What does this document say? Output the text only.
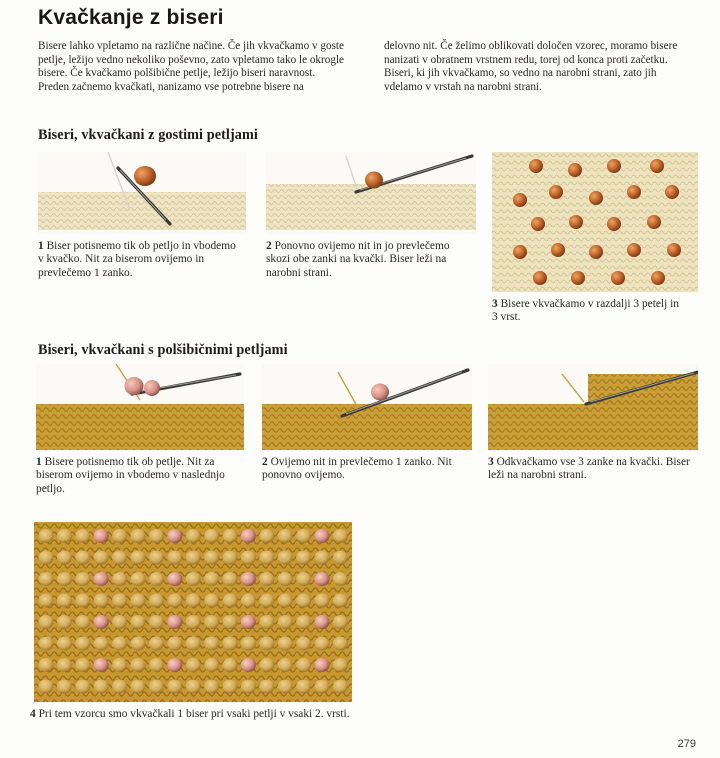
Kvačkanje z biseri

Bisere lahko vpletamo na različne načine. Če jih vkvačkamo v goste petlje, ležijo vedno nekoliko poševno, zato vpletamo tako le okrogle bisere. Če kvačkamo polšibične petlje, ležijo biseri naravnost. Preden začnemo kvačkati, nanizamo vse potrebne bisere na

delovno nit. Če želimo oblikovati določen vzorec, moramo bisere nanizati v obratnem vrstnem redu, torej od konca proti začetku. Biseri, ki jih vkvačkamo, so vedno na narobni strani, zato jih vdelamo v vrstah na narobni strani.

Biseri, vkvačkani z gostimi petljami

1 Biser potisnemo tik ob petljo in vbodemo v kvačko. Nit za biserom ovijemo in prevlečemo 1 zanko.

2 Ponovno ovijemo nit in jo prevlečemo skozi obe zanki na kvački. Biser leži na narobni strani.

3 Bisere vkvačkamo v razdalji 3 petelj in 3 vrst.

Biseri, vkvačkani s polšibičnimi petljami

1 Bisere potisnemo tik ob petlje. Nit za biserom ovijemo in vbodemo v naslednjo petljo.

2 Ovijemo nit in prevlečemo 1 zanko. Nit ponovno ovijemo.

3 Odkvačkamo vse 3 zanke na kvački. Biser leži na narobni strani.

4 Pri tem vzorcu smo vkvačkali 1 biser pri vsaki petlji v vsaki 2. vrsti.

279
